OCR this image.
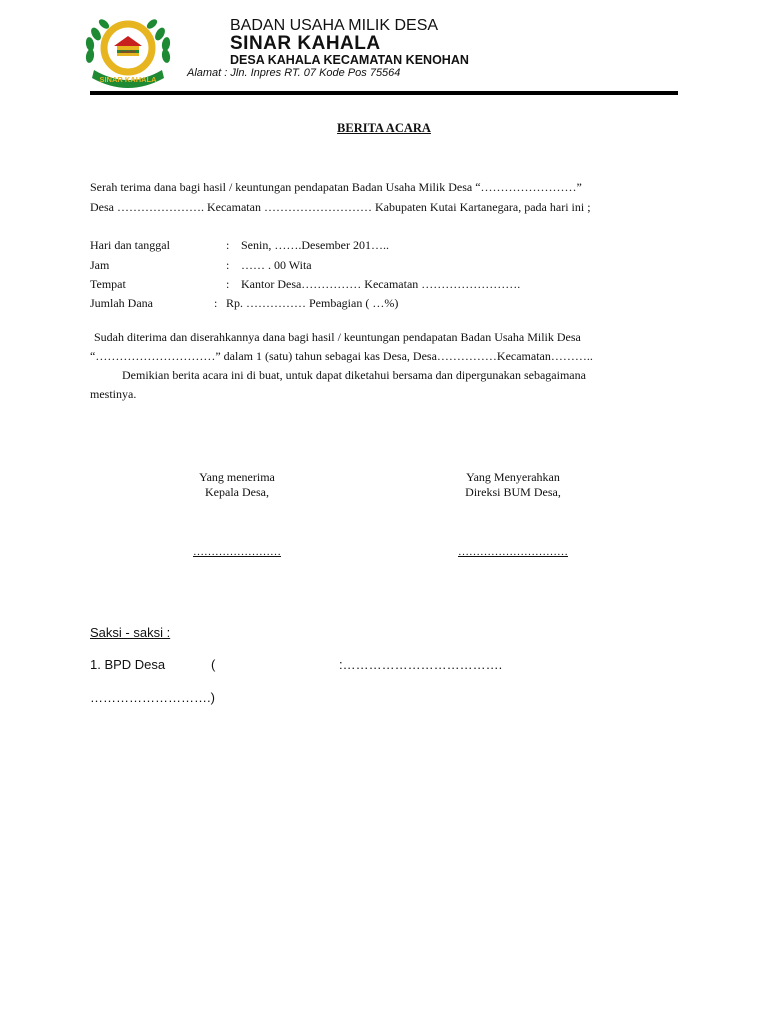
SINAR KAHALA
BUMDES
BADAN USAHA MILIK DESA
SINAR KAHALA
DESA KAHALA KECAMATAN KENOHAN
Alamat : Jln. Inpres RT. 07 Kode Pos 75564
BERITA ACARA
Serah terima dana bagi hasil / keuntungan pendapatan Badan Usaha Milik Desa “……………………”
Desa …………………. Kecamatan ……………………… Kabupaten Kutai Kartanegara, pada hari ini ;
Hari dan tanggal	: Senin, …….Desember 201…..
Jam	: …… . 00 Wita
Tempat	: Kantor Desa…………… Kecamatan …………………….
Jumlah Dana	: Rp. …………… Pembagian ( …%)
Sudah diterima dan diserahkannya dana bagi hasil / keuntungan pendapatan Badan Usaha Milik Desa
“…………………………” dalam 1 (satu) tahun sebagai kas Desa, Desa……………Kecamatan………..
Demikian berita acara ini di buat, untuk dapat diketahui bersama dan dipergunakan sebagaimana
mestinya.
Yang menerima
Kepala Desa,
……………………
Yang Menyerahkan
Direksi BUM Desa,
…………………………
Saksi - saksi :
1. BPD Desa	(	:……………………………….
……………………….)
